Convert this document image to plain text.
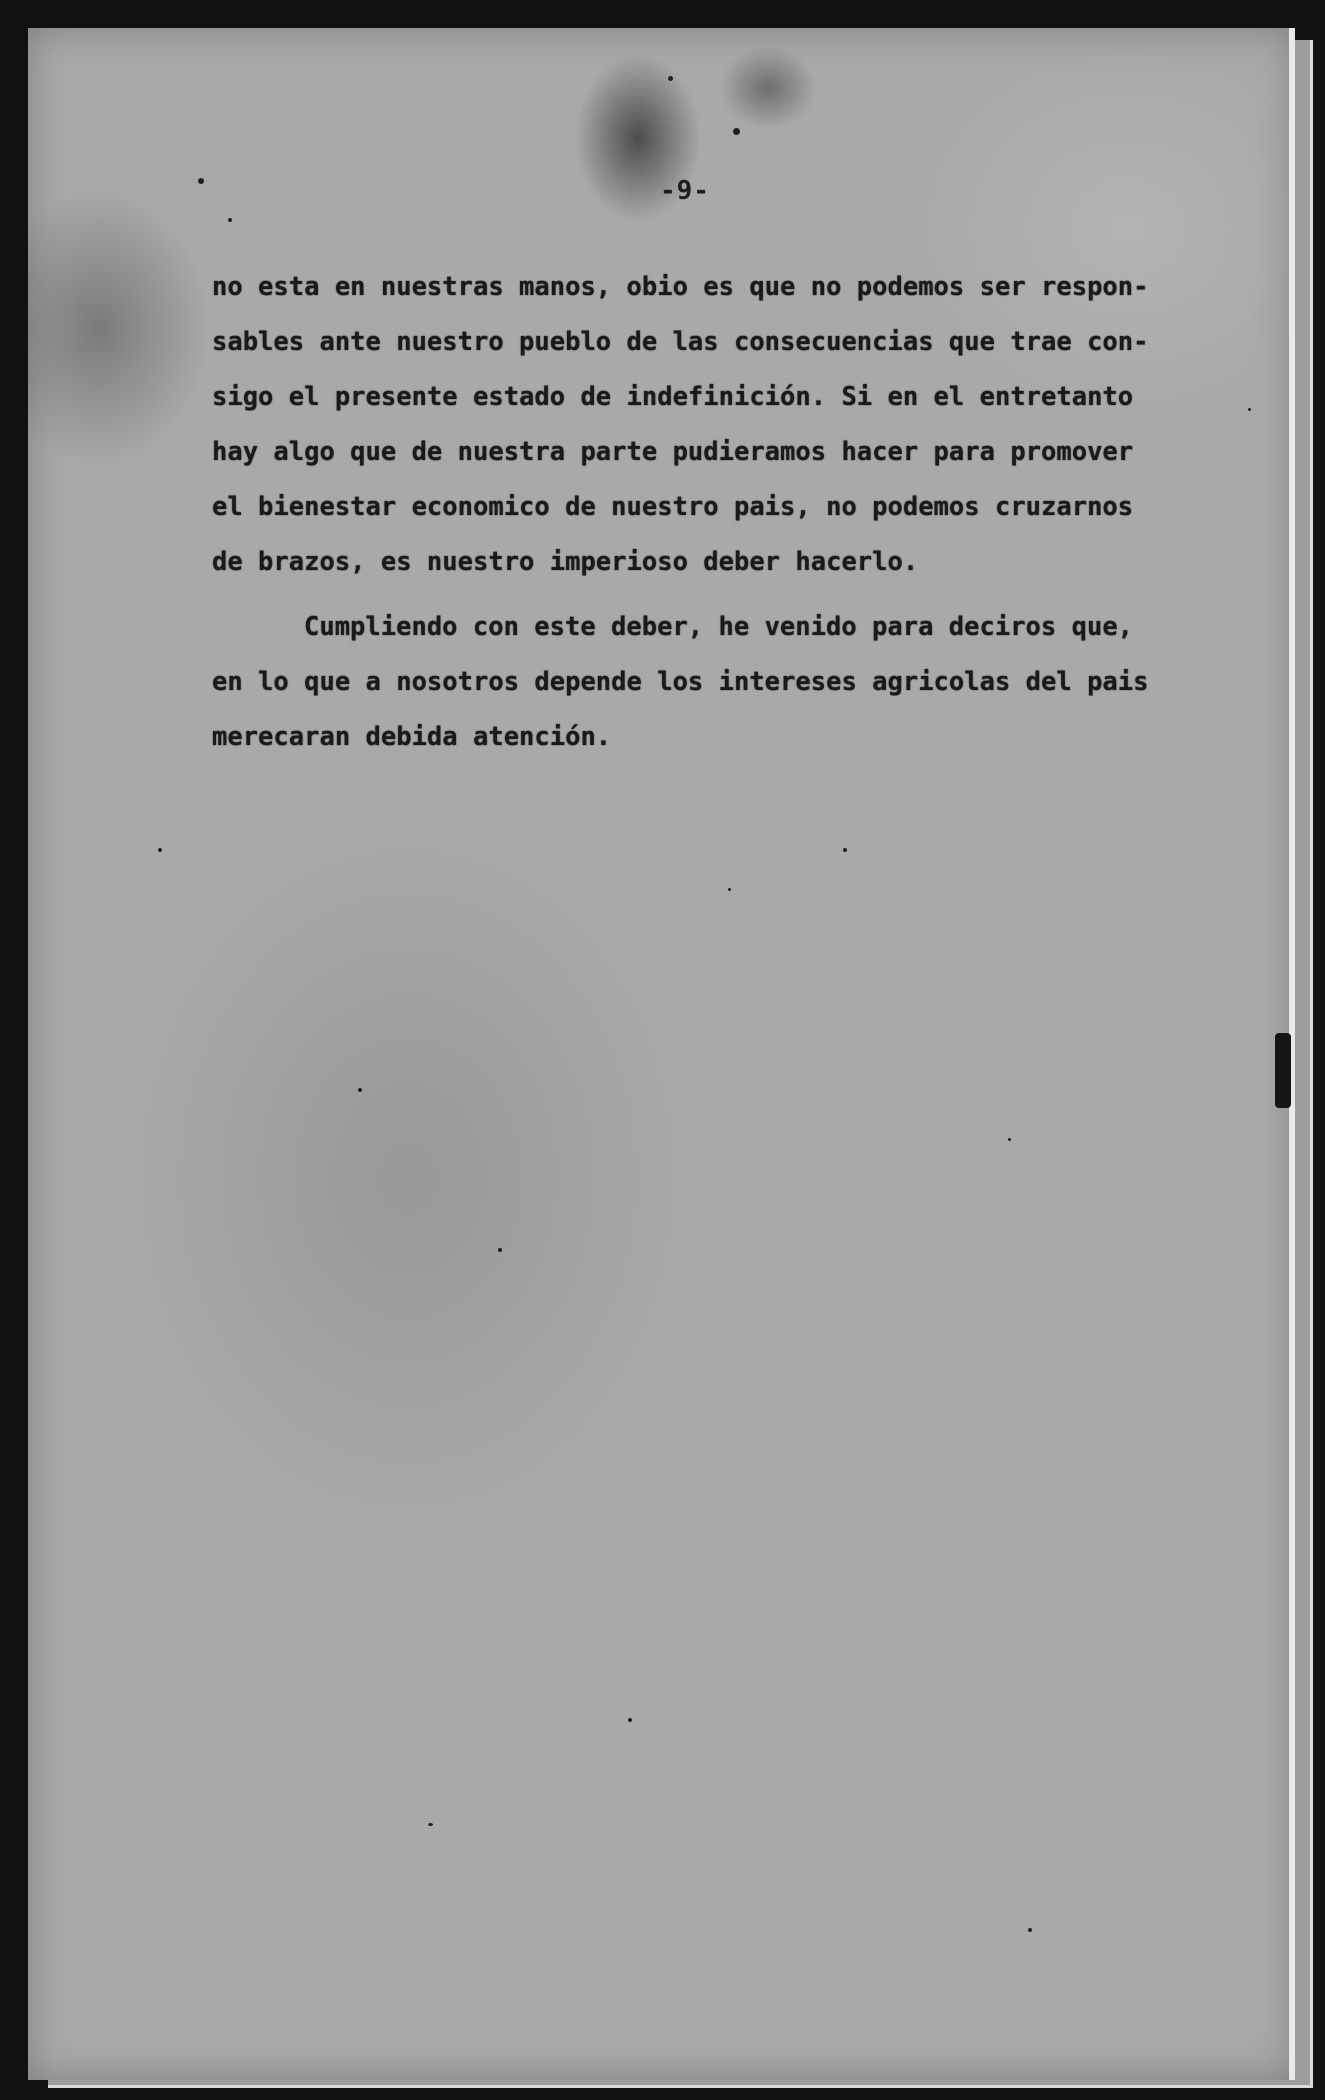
-9-
no esta en nuestras manos, obio es que no podemos ser respon-
sables ante nuestro pueblo de las consecuencias que trae con-
sigo el presente estado de indefinición. Si en el entretanto
hay algo que de nuestra parte pudieramos hacer para promover
el bienestar economico de nuestro pais, no podemos cruzarnos
de brazos, es nuestro imperioso deber hacerlo.
Cumpliendo con este deber, he venido para deciros que,
en lo que a nosotros depende los intereses agricolas del pais
merecaran debida atención.
